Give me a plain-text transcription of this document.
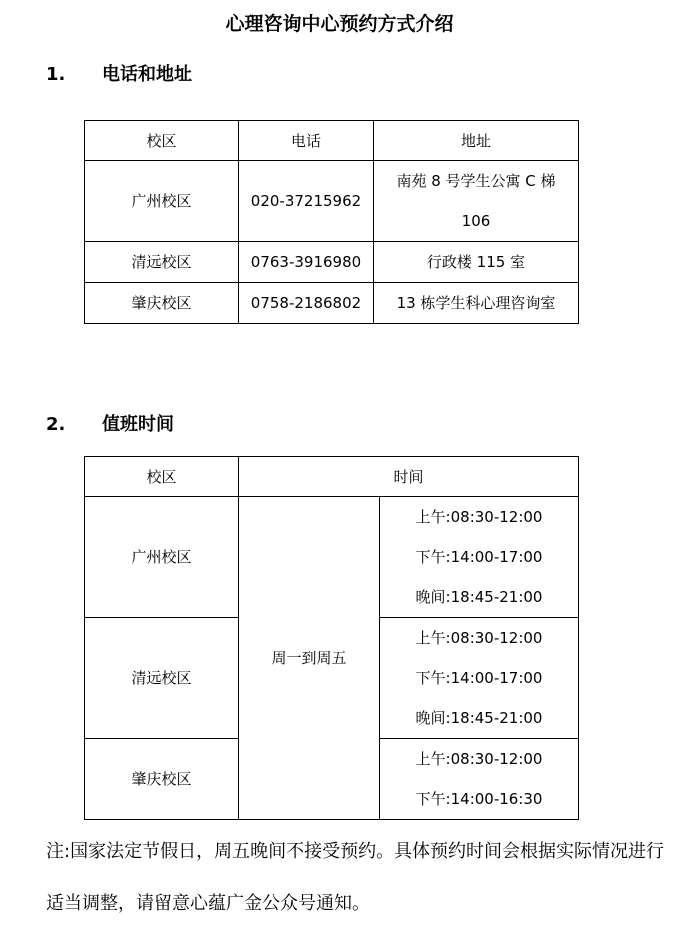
心理咨询中心预约方式介绍
1. 电话和地址
校区	电话	地址
广州校区	020-37215962	南苑 8 号学生公寓 C 梯
106

清远校区	0763-3916980	行政楼 115 室
肇庆校区	0758-2186802	13 栋学生科心理咨询室
2. 值班时间
校区	时间	
广州校区	周一到周五	上午:08:30-12:00
下午:14:00-17:00
晚间:18:45-21:00

清远校区		上午:08:30-12:00
下午:14:00-17:00
晚间:18:45-21:00

肇庆校区		上午:08:30-12:00
下午:14:00-16:30
注:国家法定节假日，周五晚间不接受预约。具体预约时间会根据实际情况进行适当调整，请留意心蕴广金公众号通知。
